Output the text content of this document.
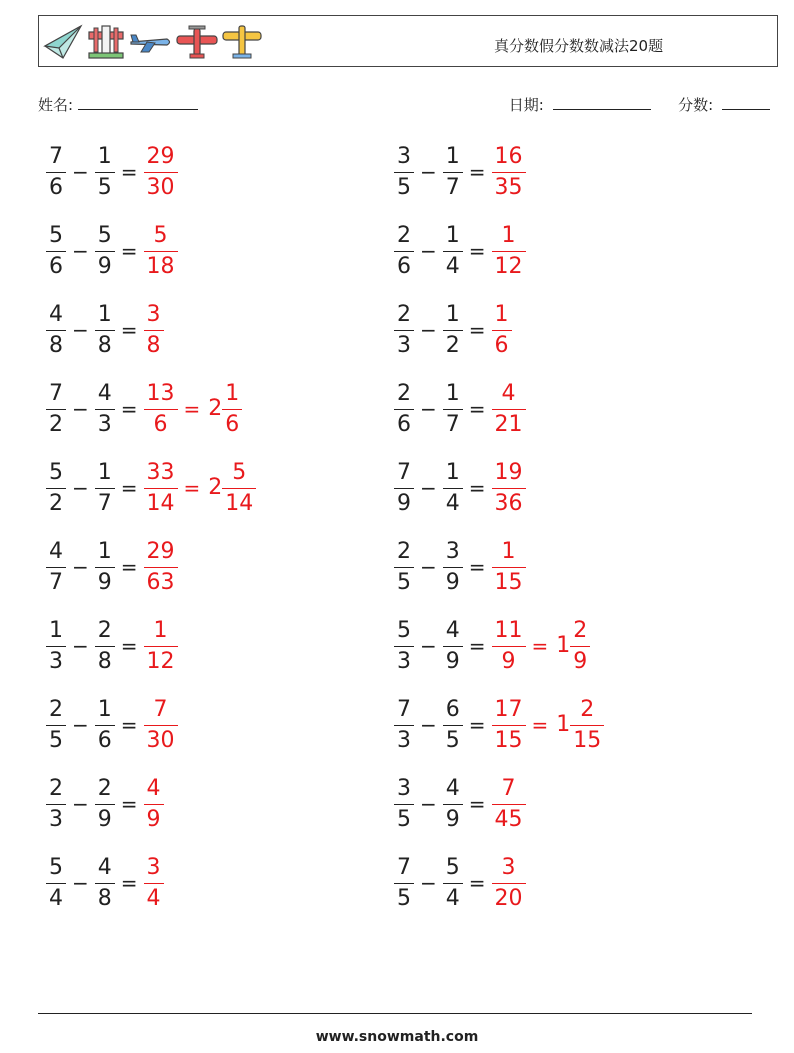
真分数假分数数减法20题
姓名:	日期:	分数:
$\frac{7}{6} - \frac{1}{5} = \frac{29}{30}$
$\frac{5}{6} - \frac{5}{9} = \frac{5}{18}$
$\frac{4}{8} - \frac{1}{8} = \frac{3}{8}$
$\frac{7}{2} - \frac{4}{3} = \frac{13}{6} = 2 \frac{1}{6}$
$\frac{5}{2} - \frac{1}{7} = \frac{33}{14} = 2 \frac{5}{14}$
$\frac{4}{7} - \frac{1}{9} = \frac{29}{63}$
$\frac{1}{3} - \frac{2}{8} = \frac{1}{12}$
$\frac{2}{5} - \frac{1}{6} = \frac{7}{30}$
$\frac{2}{3} - \frac{2}{9} = \frac{4}{9}$
$\frac{5}{4} - \frac{4}{8} = \frac{3}{4}$
$\frac{3}{5} - \frac{1}{7} = \frac{16}{35}$
$\frac{2}{6} - \frac{1}{4} = \frac{1}{12}$
$\frac{2}{3} - \frac{1}{2} = \frac{1}{6}$
$\frac{2}{6} - \frac{1}{7} = \frac{4}{21}$
$\frac{7}{9} - \frac{1}{4} = \frac{19}{36}$
$\frac{2}{5} - \frac{3}{9} = \frac{1}{15}$
$\frac{5}{3} - \frac{4}{9} = \frac{11}{9} = 1 \frac{2}{9}$
$\frac{7}{3} - \frac{6}{5} = \frac{17}{15} = 1 \frac{2}{15}$
$\frac{3}{5} - \frac{4}{9} = \frac{7}{45}$
$\frac{7}{5} - \frac{5}{4} = \frac{3}{20}$
www.snowmath.com
